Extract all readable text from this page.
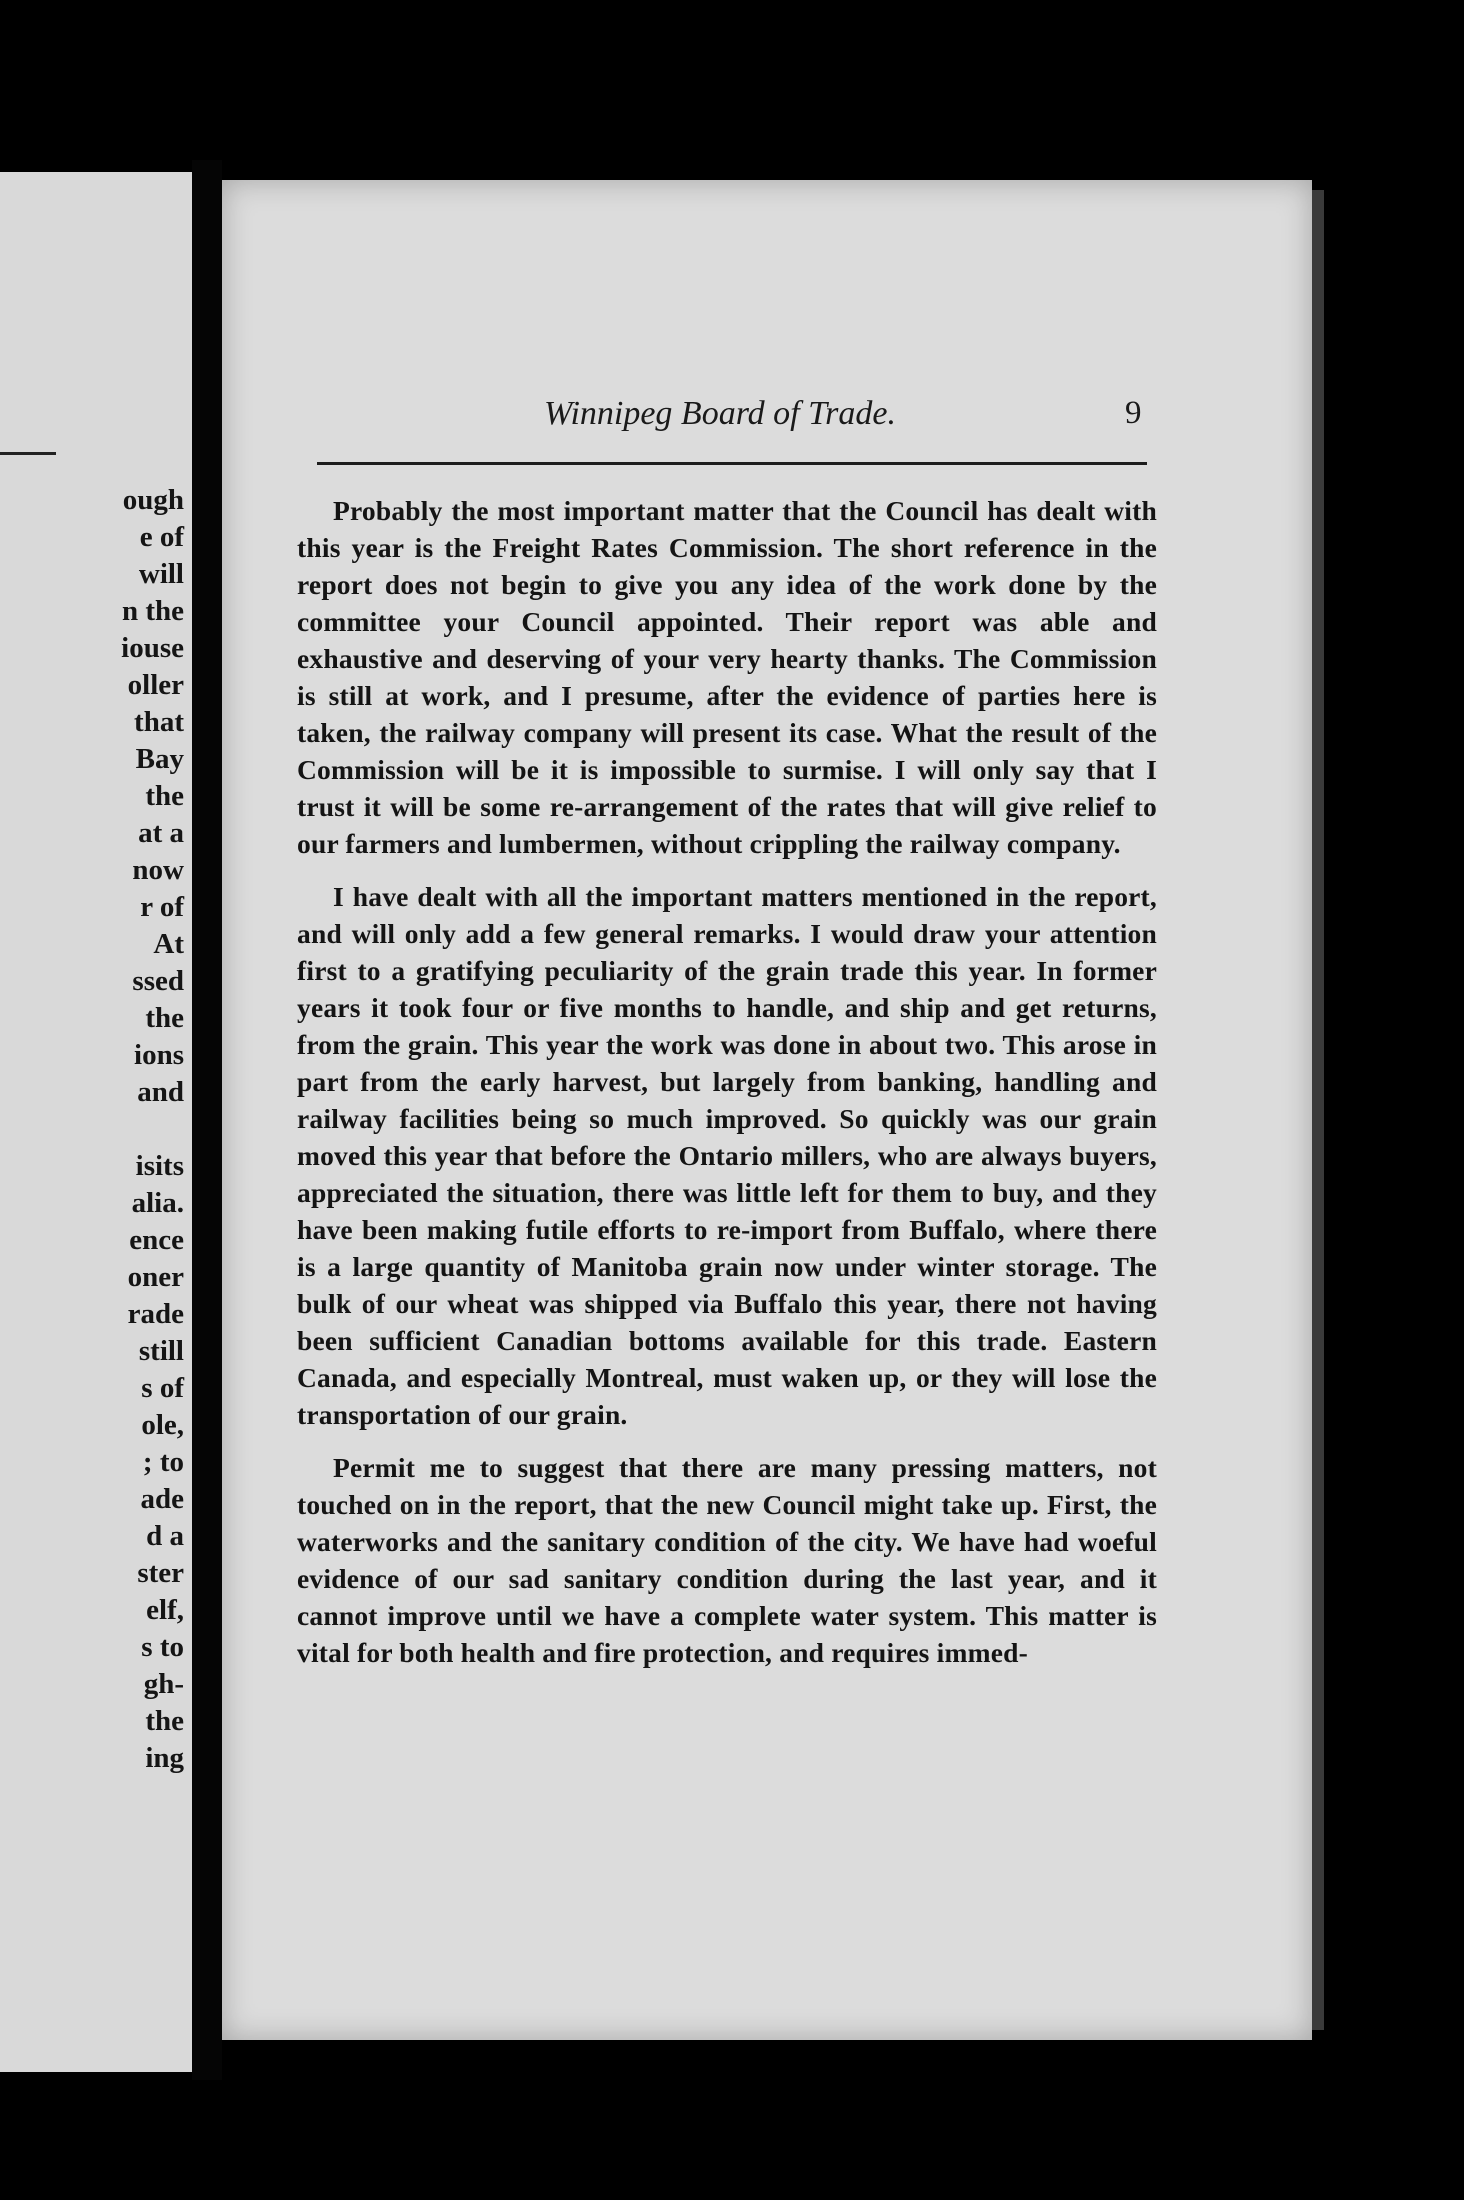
ough
e of
will
n the
iouse
oller
that
Bay
the
at a
now
r of
At
ssed
the
ions
and
isits
alia.
ence
oner
rade
still
s of
ole,
; to
ade
d a
ster
elf,
s to
gh-
the
ing
Winnipeg Board of Trade.	9

Probably the most important matter that the Council has dealt with this year is the Freight Rates Commission. The short reference in the report does not begin to give you any idea of the work done by the committee your Council appointed. Their report was able and exhaustive and deserving of your very hearty thanks. The Commission is still at work, and I presume, after the evidence of parties here is taken, the railway company will present its case. What the result of the Commission will be it is impossible to surmise. I will only say that I trust it will be some re-arrangement of the rates that will give relief to our farmers and lumbermen, without crippling the railway company.

I have dealt with all the important matters mentioned in the report, and will only add a few general remarks. I would draw your attention first to a gratifying peculiarity of the grain trade this year. In former years it took four or five months to handle, and ship and get returns, from the grain. This year the work was done in about two. This arose in part from the early harvest, but largely from banking, handling and railway facilities being so much improved. So quickly was our grain moved this year that before the Ontario millers, who are always buyers, appreciated the situation, there was little left for them to buy, and they have been making futile efforts to re-import from Buffalo, where there is a large quantity of Manitoba grain now under winter storage. The bulk of our wheat was shipped via Buffalo this year, there not having been sufficient Canadian bottoms available for this trade. Eastern Canada, and especially Montreal, must waken up, or they will lose the transportation of our grain.

Permit me to suggest that there are many pressing matters, not touched on in the report, that the new Council might take up. First, the waterworks and the sanitary condition of the city. We have had woeful evidence of our sad sanitary condition during the last year, and it cannot improve until we have a complete water system. This matter is vital for both health and fire protection, and requires immed-
